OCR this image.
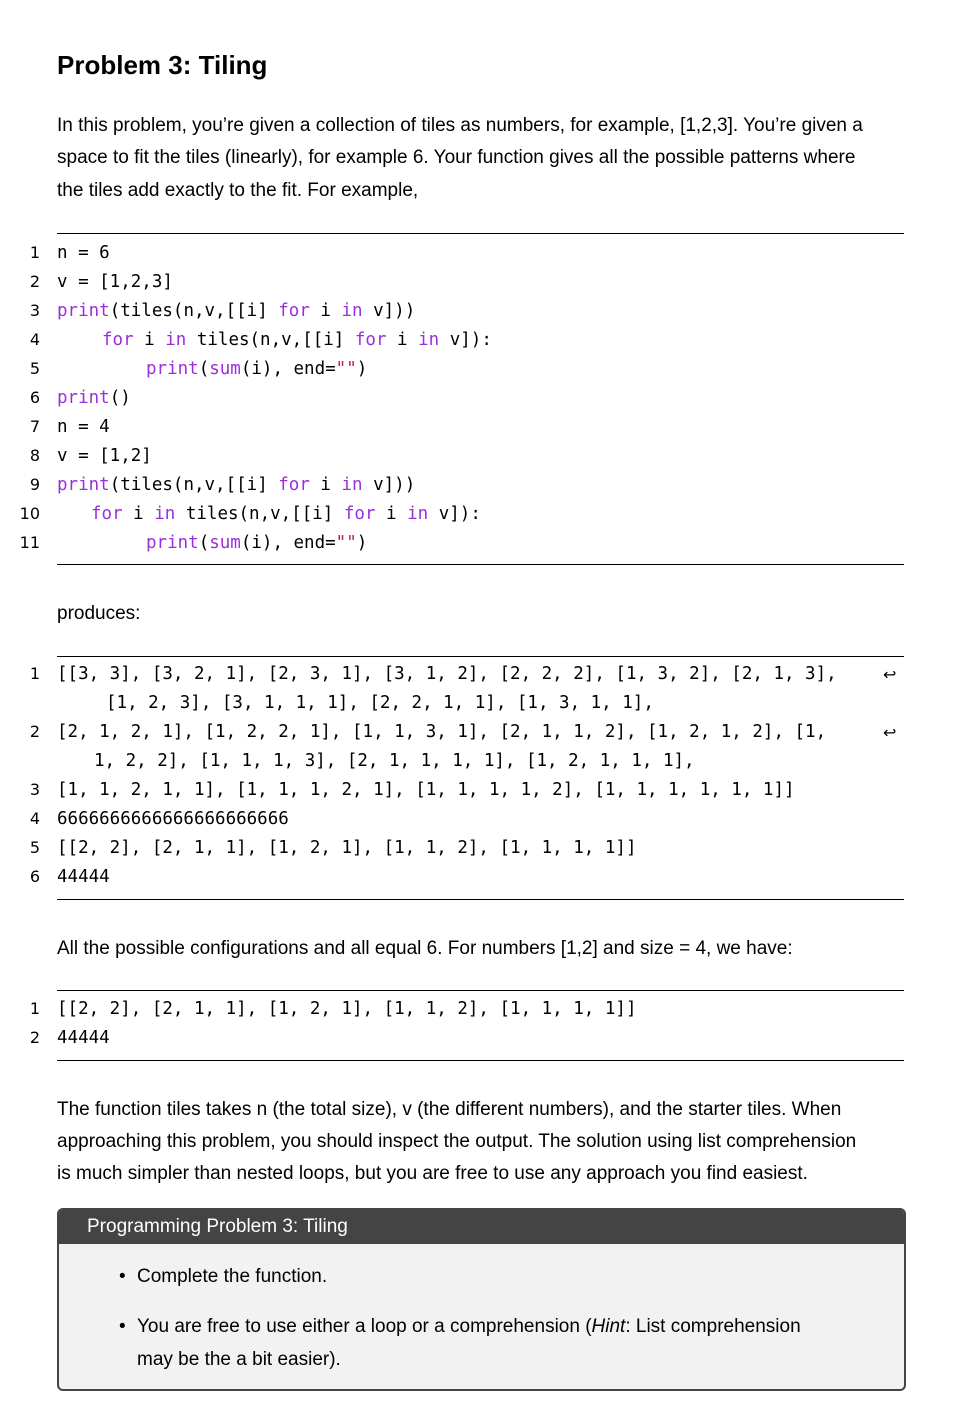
Problem 3: Tiling

In this problem, you’re given a collection of tiles as numbers, for example, [1,2,3]. You’re given a

space to fit the tiles (linearly), for example 6. Your function gives all the possible patterns where

the tiles add exactly to the fit. For example,

1 n = 6
2 v = [1,2,3]
3 print(tiles(n,v,[[i] for i in v]))
4	for i in tiles(n,v,[[i] for i in v]):
5	print(sum(i), end="")
6 print()
7 n = 4
8 v = [1,2]
9 print(tiles(n,v,[[i] for i in v]))
10	for i in tiles(n,v,[[i] for i in v]):
11	print(sum(i), end="")

produces:

1 [[3, 3], [3, 2, 1], [2, 3, 1], [3, 1, 2], [2, 2, 2], [1, 3, 2], [2, 1, 3],	↩
[1, 2, 3], [3, 1, 1, 1], [2, 2, 1, 1], [1, 3, 1, 1],
2 [2, 1, 2, 1], [1, 2, 2, 1], [1, 1, 3, 1], [2, 1, 1, 2], [1, 2, 1, 2], [1,	↩
1, 2, 2], [1, 1, 1, 3], [2, 1, 1, 1, 1], [1, 2, 1, 1, 1],
3 [1, 1, 2, 1, 1], [1, 1, 1, 2, 1], [1, 1, 1, 1, 2], [1, 1, 1, 1, 1, 1]]
4 6666666666666666666666
5 [[2, 2], [2, 1, 1], [1, 2, 1], [1, 1, 2], [1, 1, 1, 1]]
6 44444

All the possible configurations and all equal 6. For numbers [1,2] and size = 4, we have:

1 [[2, 2], [2, 1, 1], [1, 2, 1], [1, 1, 2], [1, 1, 1, 1]]
2 44444

The function tiles takes n (the total size), v (the different numbers), and the starter tiles. When

approaching this problem, you should inspect the output. The solution using list comprehension

is much simpler than nested loops, but you are free to use any approach you find easiest.

Programming Problem 3: Tiling
• Complete the function.
• You are free to use either a loop or a comprehension (Hint: List comprehension
may be the a bit easier).
